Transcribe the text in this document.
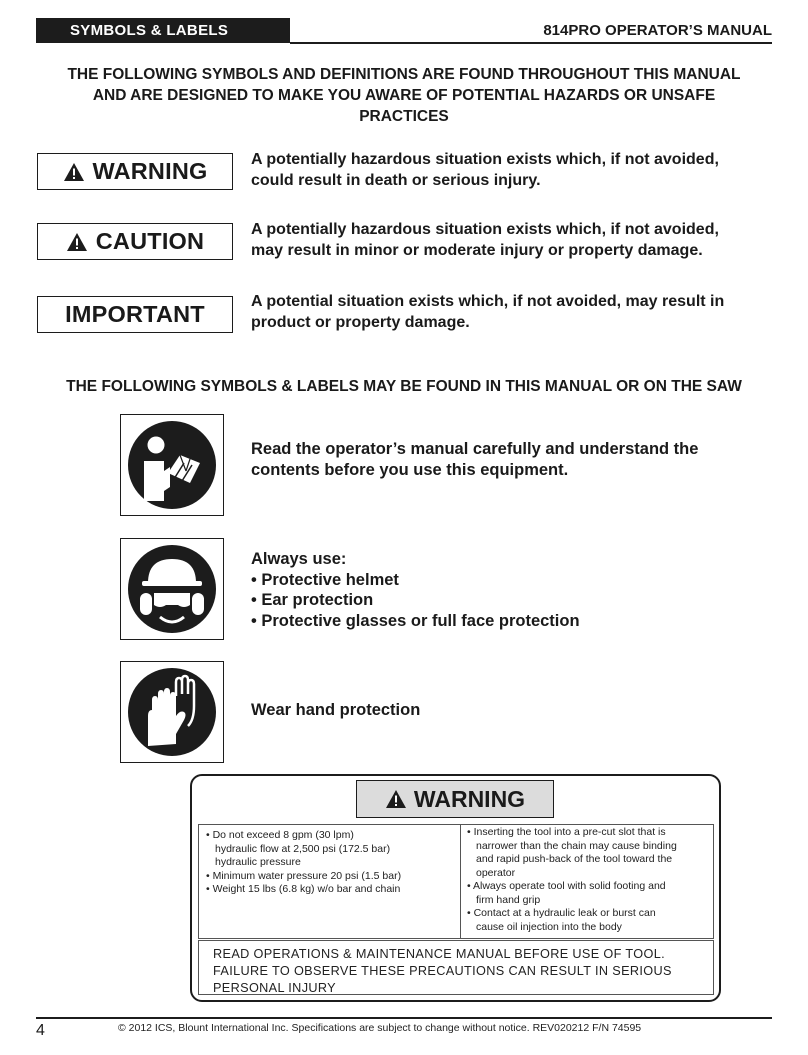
SYMBOLS & LABELS	814PRO OPERATOR’S MANUAL
THE FOLLOWING SYMBOLS AND DEFINITIONS ARE FOUND THROUGHOUT THIS MANUAL
AND ARE DESIGNED TO MAKE YOU AWARE OF POTENTIAL HAZARDS OR UNSAFE
PRACTICES
WARNING	A potentially hazardous situation exists which, if not avoided,
could result in death or serious injury.
CAUTION	A potentially hazardous situation exists which, if not avoided,
may result in minor or moderate injury or property damage.
IMPORTANT	A potential situation exists which, if not avoided, may result in
product or property damage.
THE FOLLOWING SYMBOLS & LABELS MAY BE FOUND IN THIS MANUAL OR ON THE SAW
Read the operator’s manual carefully and understand the
contents before you use this equipment.
Always use:
• Protective helmet
• Ear protection
• Protective glasses or full face protection
Wear hand protection
WARNING
• Do not exceed 8 gpm (30 lpm)
hydraulic flow at 2,500 psi (172.5 bar)
hydraulic pressure
• Minimum water pressure 20 psi (1.5 bar)
• Weight 15 lbs (6.8 kg) w/o bar and chain
• Inserting the tool into a pre-cut slot that is
narrower than the chain may cause binding
and rapid push-back of the tool toward the
operator
• Always operate tool with solid footing and
firm hand grip
• Contact at a hydraulic leak or burst can
cause oil injection into the body
READ OPERATIONS & MAINTENANCE MANUAL BEFORE USE OF TOOL.
FAILURE TO OBSERVE THESE PRECAUTIONS CAN RESULT IN SERIOUS
PERSONAL INJURY
4	© 2012 ICS, Blount International Inc. Specifications are subject to change without notice. REV020212 F/N 74595
